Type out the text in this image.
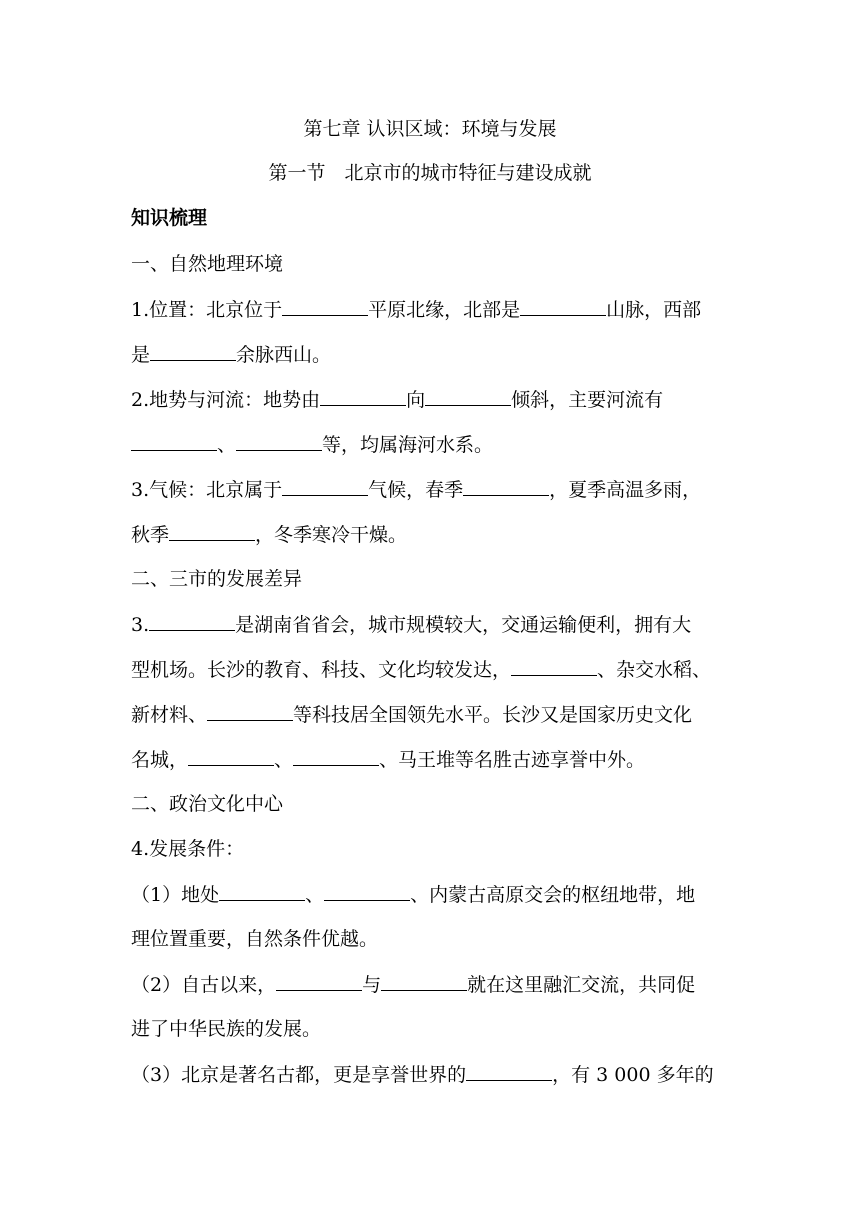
第七章 认识区域：环境与发展
第一节　北京市的城市特征与建设成就
知识梳理
一、自然地理环境
1.位置：北京位于	平原北缘，北部是	山脉，西部
是	余脉西山。
2.地势与河流：地势由	向	倾斜，主要河流有
、	等，均属海河水系。
3.气候：北京属于	气候，春季	，夏季高温多雨，
秋季	，冬季寒冷干燥。
二、三市的发展差异
3.	是湖南省省会，城市规模较大，交通运输便利，拥有大
型机场。长沙的教育、科技、文化均较发达，	、杂交水稻、
新材料、	等科技居全国领先水平。长沙又是国家历史文化
名城，	、	、马王堆等名胜古迹享誉中外。
二、政治文化中心
4.发展条件：
（1）地处	、	、内蒙古高原交会的枢纽地带，地
理位置重要，自然条件优越。
（2）自古以来，	与	就在这里融汇交流，共同促
进了中华民族的发展。
（3）北京是著名古都，更是享誉世界的	，有 3 000 多年的
